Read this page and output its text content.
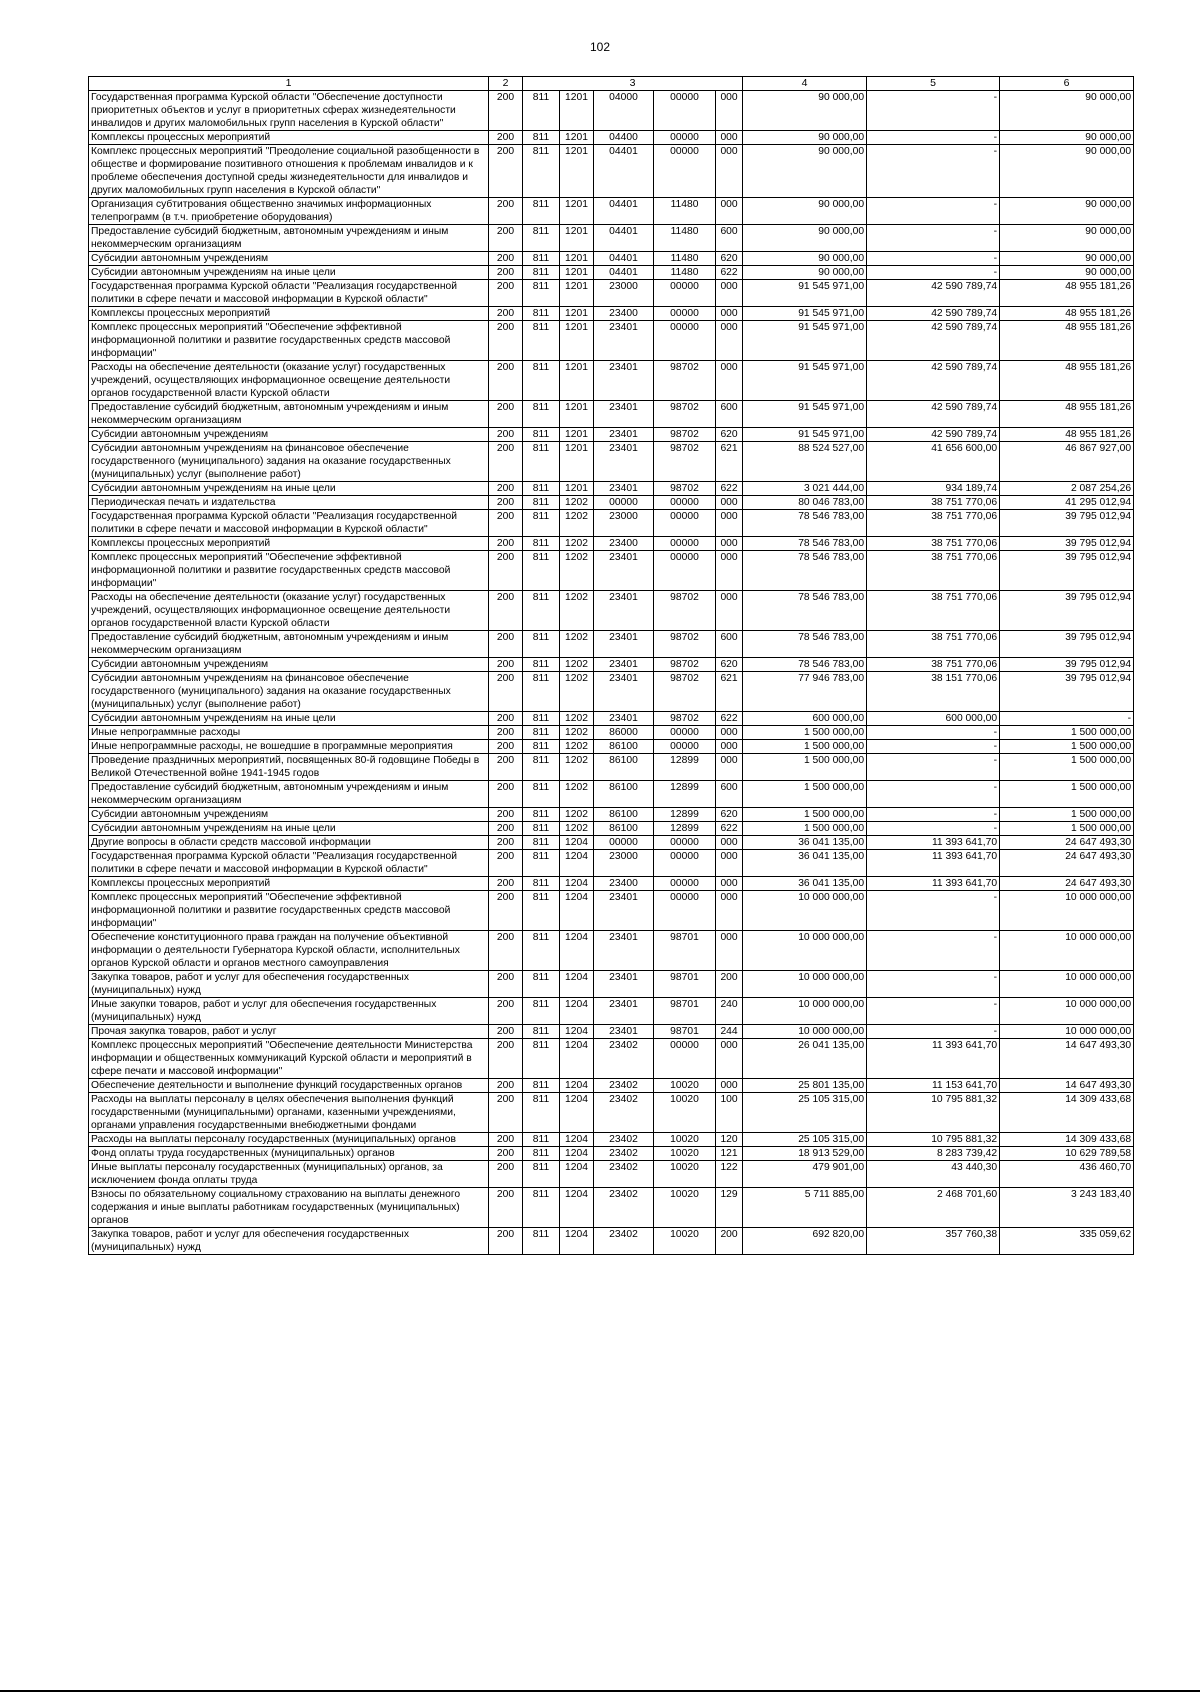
102
1	2	3					4	5	6
Государственная программа Курской области "Обеспечение доступности приоритетных объектов и услуг в приоритетных сферах жизнедеятельности инвалидов и других маломобильных групп населения в Курской области"	200	811	1201	04000	00000	000	90 000,00	-	90 000,00
Комплексы процессных мероприятий	200	811	1201	04400	00000	000	90 000,00	-	90 000,00
Комплекс процессных мероприятий "Преодоление социальной разобщенности в обществе и формирование позитивного отношения к проблемам инвалидов и к проблеме обеспечения доступной среды жизнедеятельности для инвалидов и других маломобильных групп населения в Курской области"	200	811	1201	04401	00000	000	90 000,00	-	90 000,00
Организация субтитрования общественно значимых информационных телепрограмм (в т.ч. приобретение оборудования)	200	811	1201	04401	11480	000	90 000,00	-	90 000,00
Предоставление субсидий бюджетным, автономным учреждениям и иным некоммерческим организациям	200	811	1201	04401	11480	600	90 000,00	-	90 000,00
Субсидии автономным учреждениям	200	811	1201	04401	11480	620	90 000,00	-	90 000,00
Субсидии автономным учреждениям на иные цели	200	811	1201	04401	11480	622	90 000,00	-	90 000,00
Государственная программа Курской области "Реализация государственной политики в сфере печати и массовой информации в Курской области"	200	811	1201	23000	00000	000	91 545 971,00	42 590 789,74	48 955 181,26
Комплексы процессных мероприятий	200	811	1201	23400	00000	000	91 545 971,00	42 590 789,74	48 955 181,26
Комплекс процессных мероприятий "Обеспечение эффективной информационной политики и развитие государственных средств массовой информации"	200	811	1201	23401	00000	000	91 545 971,00	42 590 789,74	48 955 181,26
Расходы на обеспечение деятельности (оказание услуг) государственных учреждений, осуществляющих информационное освещение деятельности органов государственной власти Курской области	200	811	1201	23401	98702	000	91 545 971,00	42 590 789,74	48 955 181,26
Предоставление субсидий бюджетным, автономным учреждениям и иным некоммерческим организациям	200	811	1201	23401	98702	600	91 545 971,00	42 590 789,74	48 955 181,26
Субсидии автономным учреждениям	200	811	1201	23401	98702	620	91 545 971,00	42 590 789,74	48 955 181,26
Субсидии автономным учреждениям на финансовое обеспечение государственного (муниципального) задания на оказание государственных (муниципальных) услуг (выполнение работ)	200	811	1201	23401	98702	621	88 524 527,00	41 656 600,00	46 867 927,00
Субсидии автономным учреждениям на иные цели	200	811	1201	23401	98702	622	3 021 444,00	934 189,74	2 087 254,26
Периодическая печать и издательства	200	811	1202	00000	00000	000	80 046 783,00	38 751 770,06	41 295 012,94
Государственная программа Курской области "Реализация государственной политики в сфере печати и массовой информации в Курской области"	200	811	1202	23000	00000	000	78 546 783,00	38 751 770,06	39 795 012,94
Комплексы процессных мероприятий	200	811	1202	23400	00000	000	78 546 783,00	38 751 770,06	39 795 012,94
Комплекс процессных мероприятий "Обеспечение эффективной информационной политики и развитие государственных средств массовой информации"	200	811	1202	23401	00000	000	78 546 783,00	38 751 770,06	39 795 012,94
Расходы на обеспечение деятельности (оказание услуг) государственных учреждений, осуществляющих информационное освещение деятельности органов государственной власти Курской области	200	811	1202	23401	98702	000	78 546 783,00	38 751 770,06	39 795 012,94
Предоставление субсидий бюджетным, автономным учреждениям и иным некоммерческим организациям	200	811	1202	23401	98702	600	78 546 783,00	38 751 770,06	39 795 012,94
Субсидии автономным учреждениям	200	811	1202	23401	98702	620	78 546 783,00	38 751 770,06	39 795 012,94
Субсидии автономным учреждениям на финансовое обеспечение государственного (муниципального) задания на оказание государственных (муниципальных) услуг (выполнение работ)	200	811	1202	23401	98702	621	77 946 783,00	38 151 770,06	39 795 012,94
Субсидии автономным учреждениям на иные цели	200	811	1202	23401	98702	622	600 000,00	600 000,00	-
Иные непрограммные расходы	200	811	1202	86000	00000	000	1 500 000,00	-	1 500 000,00
Иные непрограммные расходы, не вошедшие в программные мероприятия	200	811	1202	86100	00000	000	1 500 000,00	-	1 500 000,00
Проведение праздничных мероприятий, посвященных 80-й годовщине Победы в Великой Отечественной войне 1941-1945 годов	200	811	1202	86100	12899	000	1 500 000,00	-	1 500 000,00
Предоставление субсидий бюджетным, автономным учреждениям и иным некоммерческим организациям	200	811	1202	86100	12899	600	1 500 000,00	-	1 500 000,00
Субсидии автономным учреждениям	200	811	1202	86100	12899	620	1 500 000,00	-	1 500 000,00
Субсидии автономным учреждениям на иные цели	200	811	1202	86100	12899	622	1 500 000,00	-	1 500 000,00
Другие вопросы в области средств массовой информации	200	811	1204	00000	00000	000	36 041 135,00	11 393 641,70	24 647 493,30
Государственная программа Курской области "Реализация государственной политики в сфере печати и массовой информации в Курской области"	200	811	1204	23000	00000	000	36 041 135,00	11 393 641,70	24 647 493,30
Комплексы процессных мероприятий	200	811	1204	23400	00000	000	36 041 135,00	11 393 641,70	24 647 493,30
Комплекс процессных мероприятий "Обеспечение эффективной информационной политики и развитие государственных средств массовой информации"	200	811	1204	23401	00000	000	10 000 000,00	-	10 000 000,00
Обеспечение конституционного права граждан на получение объективной информации о деятельности Губернатора Курской области, исполнительных органов Курской области и органов местного самоуправления	200	811	1204	23401	98701	000	10 000 000,00	-	10 000 000,00
Закупка товаров, работ и услуг для обеспечения государственных (муниципальных) нужд	200	811	1204	23401	98701	200	10 000 000,00	-	10 000 000,00
Иные закупки товаров, работ и услуг для обеспечения государственных (муниципальных) нужд	200	811	1204	23401	98701	240	10 000 000,00	-	10 000 000,00
Прочая закупка товаров, работ и услуг	200	811	1204	23401	98701	244	10 000 000,00	-	10 000 000,00
Комплекс процессных мероприятий "Обеспечение деятельности Министерства информации и общественных коммуникаций Курской области и мероприятий в сфере печати и массовой информации"	200	811	1204	23402	00000	000	26 041 135,00	11 393 641,70	14 647 493,30
Обеспечение деятельности и выполнение функций государственных органов	200	811	1204	23402	10020	000	25 801 135,00	11 153 641,70	14 647 493,30
Расходы на выплаты персоналу в целях обеспечения выполнения функций государственными (муниципальными) органами, казенными учреждениями, органами управления государственными внебюджетными фондами	200	811	1204	23402	10020	100	25 105 315,00	10 795 881,32	14 309 433,68
Расходы на выплаты персоналу государственных (муниципальных) органов	200	811	1204	23402	10020	120	25 105 315,00	10 795 881,32	14 309 433,68
Фонд оплаты труда государственных (муниципальных) органов	200	811	1204	23402	10020	121	18 913 529,00	8 283 739,42	10 629 789,58
Иные выплаты персоналу государственных (муниципальных) органов, за исключением фонда оплаты труда	200	811	1204	23402	10020	122	479 901,00	43 440,30	436 460,70
Взносы по обязательному социальному страхованию на выплаты денежного содержания и иные выплаты работникам государственных (муниципальных) органов	200	811	1204	23402	10020	129	5 711 885,00	2 468 701,60	3 243 183,40
Закупка товаров, работ и услуг для обеспечения государственных (муниципальных) нужд	200	811	1204	23402	10020	200	692 820,00	357 760,38	335 059,62
